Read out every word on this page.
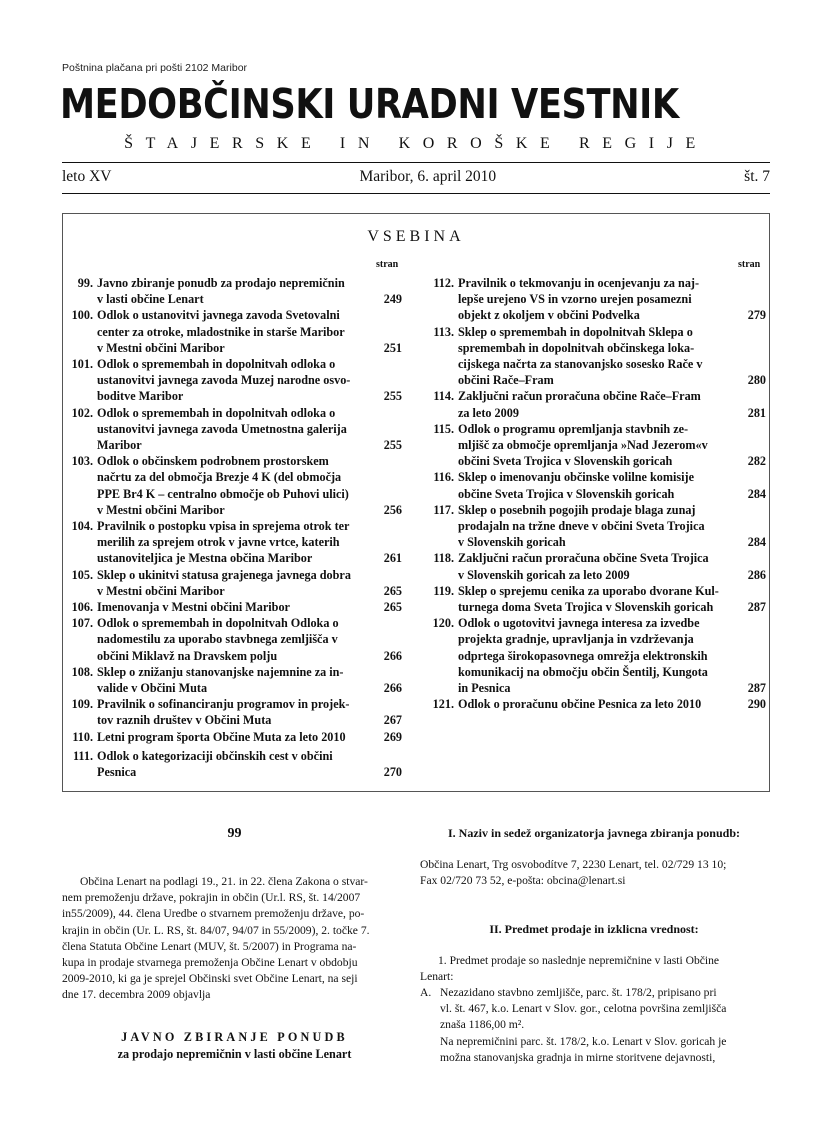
Poštnina plačana pri pošti 2102 Maribor
MEDOBČINSKI URADNI VESTNIK
ŠTAJERSKE IN KOROŠKE REGIJE
leto XV	Maribor, 6. april 2010	št. 7
VSEBINA
stran	stran
99. Javno zbiranje ponudb za prodajo nepremičnin
v lasti občine Lenart	249
100. Odlok o ustanovitvi javnega zavoda Svetovalni
center za otroke, mladostnike in starše Maribor
v Mestni občini Maribor	251
101. Odlok o spremembah in dopolnitvah odloka o
ustanovitvi javnega zavoda Muzej narodne osvo-
boditve Maribor	255
102. Odlok o spremembah in dopolnitvah odloka o
ustanovitvi javnega zavoda Umetnostna galerija
Maribor	255
103. Odlok o občinskem podrobnem prostorskem
načrtu za del območja Brezje 4 K (del območja
PPE Br4 K – centralno območje ob Puhovi ulici)
v Mestni občini Maribor	256
104. Pravilnik o postopku vpisa in sprejema otrok ter
merilih za sprejem otrok v javne vrtce, katerih
ustanoviteljica je Mestna občina Maribor	261
105. Sklep o ukinitvi statusa grajenega javnega dobra
v Mestni občini Maribor	265
106. Imenovanja v Mestni občini Maribor	265
107. Odlok o spremembah in dopolnitvah Odloka o
nadomestilu za uporabo stavbnega zemljišča v
občini Miklavž na Dravskem polju	266
108. Sklep o znižanju stanovanjske najemnine za in-
valide v Občini Muta	266
109. Pravilnik o sofinanciranju programov in projek-
tov raznih društev v Občini Muta	267
110. Letni program športa Občine Muta za leto 2010	269
111. Odlok o kategorizaciji občinskih cest v občini
Pesnica	270
112. Pravilnik o tekmovanju in ocenjevanju za naj-
lepše urejeno VS in vzorno urejen posamezni
objekt z okoljem v občini Podvelka	279
113. Sklep o spremembah in dopolnitvah Sklepa o
spremembah in dopolnitvah občinskega loka-
cijskega načrta za stanovanjsko sosesko Rače v
občini Rače–Fram	280
114. Zaključni račun proračuna občine Rače–Fram
za leto 2009	281
115. Odlok o programu opremljanja stavbnih ze-
mljišč za območje opremljanja »Nad Jezerom«v
občini Sveta Trojica v Slovenskih goricah	282
116. Sklep o imenovanju občinske volilne komisije
občine Sveta Trojica v Slovenskih goricah	284
117. Sklep o posebnih pogojih prodaje blaga zunaj
prodajaln na tržne dneve v občini Sveta Trojica
v Slovenskih goricah	284
118. Zaključni račun proračuna občine Sveta Trojica
v Slovenskih goricah za leto 2009	286
119. Sklep o sprejemu cenika za uporabo dvorane Kul-
turnega doma Sveta Trojica v Slovenskih goricah	287
120. Odlok o ugotovitvi javnega interesa za izvedbe
projekta gradnje, upravljanja in vzdrževanja
odprtega širokopasovnega omrežja elektronskih
komunikacij na območju občin Šentilj, Kungota
in Pesnica	287
121. Odlok o proračunu občine Pesnica za leto 2010	290
99
Občina Lenart na podlagi 19., 21. in 22. člena Zakona o stvar-
nem premoženju države, pokrajin in občin (Ur.l. RS, št. 14/2007
in55/2009), 44. člena Uredbe o stvarnem premoženju države, po-
krajin in občin (Ur. L. RS, št. 84/07, 94/07 in 55/2009), 2. točke 7.
člena Statuta Občine Lenart (MUV, št. 5/2007) in Programa na-
kupa in prodaje stvarnega premoženja Občine Lenart v obdobju
2009-2010, ki ga je sprejel Občinski svet Občine Lenart, na seji
dne 17. decembra 2009 objavlja
JAVNO ZBIRANJE PONUDB
za prodajo nepremičnin v lasti občine Lenart
I. Naziv in sedež organizatorja javnega zbiranja ponudb:
Občina Lenart, Trg osvobodítve 7, 2230 Lenart, tel. 02/729 13 10;
Fax 02/720 73 52, e-pošta: obcina@lenart.si
II. Predmet prodaje in izklicna vrednost:
1. Predmet prodaje so naslednje nepremičnine v lasti Občine
Lenart:
A. Nezazidano stavbno zemljišče, parc. št. 178/2, pripisano pri
vl. št. 467, k.o. Lenart v Slov. gor., celotna površina zemljišča
znaša 1186,00 m².
Na nepremičnini parc. št. 178/2, k.o. Lenart v Slov. goricah je
možna stanovanjska gradnja in mirne storitvene dejavnosti,
